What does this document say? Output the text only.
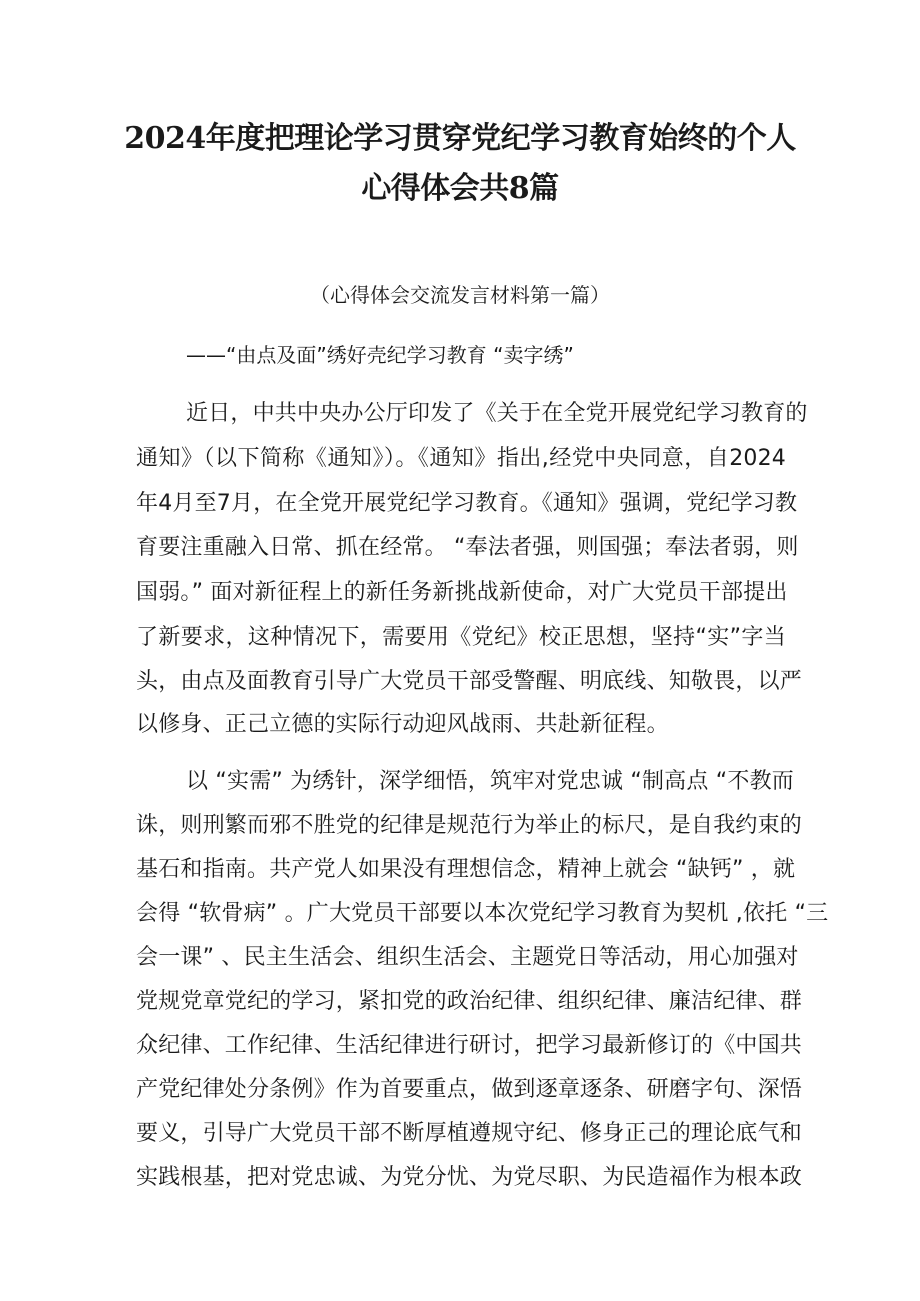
2024年度把理论学习贯穿党纪学习教育始终的个人
心得体会共8篇
（心得体会交流发言材料第一篇）
——“由点及面”绣好壳纪学习教育 “卖字绣”
近日，中共中央办公厅印发了《关于在全党开展党纪学习教育的
通知》（以下简称《通知》）。《通知》指出,经党中央同意，自2024
年4月至7月，在全党开展党纪学习教育。《通知》强调，党纪学习教
育要注重融入日常、抓在经常。 “奉法者强，则国强；奉法者弱，则
国弱。” 面对新征程上的新任务新挑战新使命，对广大党员干部提出
了新要求，这种情况下，需要用《党纪》校正思想，坚持“实”字当
头，由点及面教育引导广大党员干部受警醒、明底线、知敬畏，以严
以修身、正己立德的实际行动迎风战雨、共赴新征程。
以 “实需” 为绣针，深学细悟，筑牢对党忠诚 “制高点 “不教而
诛，则刑繁而邪不胜党的纪律是规范行为举止的标尺，是自我约束的
基石和指南。共产党人如果没有理想信念，精神上就会 “缺钙” ，就
会得 “软骨病” 。广大党员干部要以本次党纪学习教育为契机 ,依托 “三
会一课” 、民主生活会、组织生活会、主题党日等活动，用心加强对
党规党章党纪的学习，紧扣党的政治纪律、组织纪律、廉洁纪律、群
众纪律、工作纪律、生活纪律进行研讨，把学习最新修订的《中国共
产党纪律处分条例》作为首要重点，做到逐章逐条、研磨字句、深悟
要义，引导广大党员干部不断厚植遵规守纪、修身正己的理论底气和
实践根基，把对党忠诚、为党分忧、为党尽职、为民造福作为根本政
